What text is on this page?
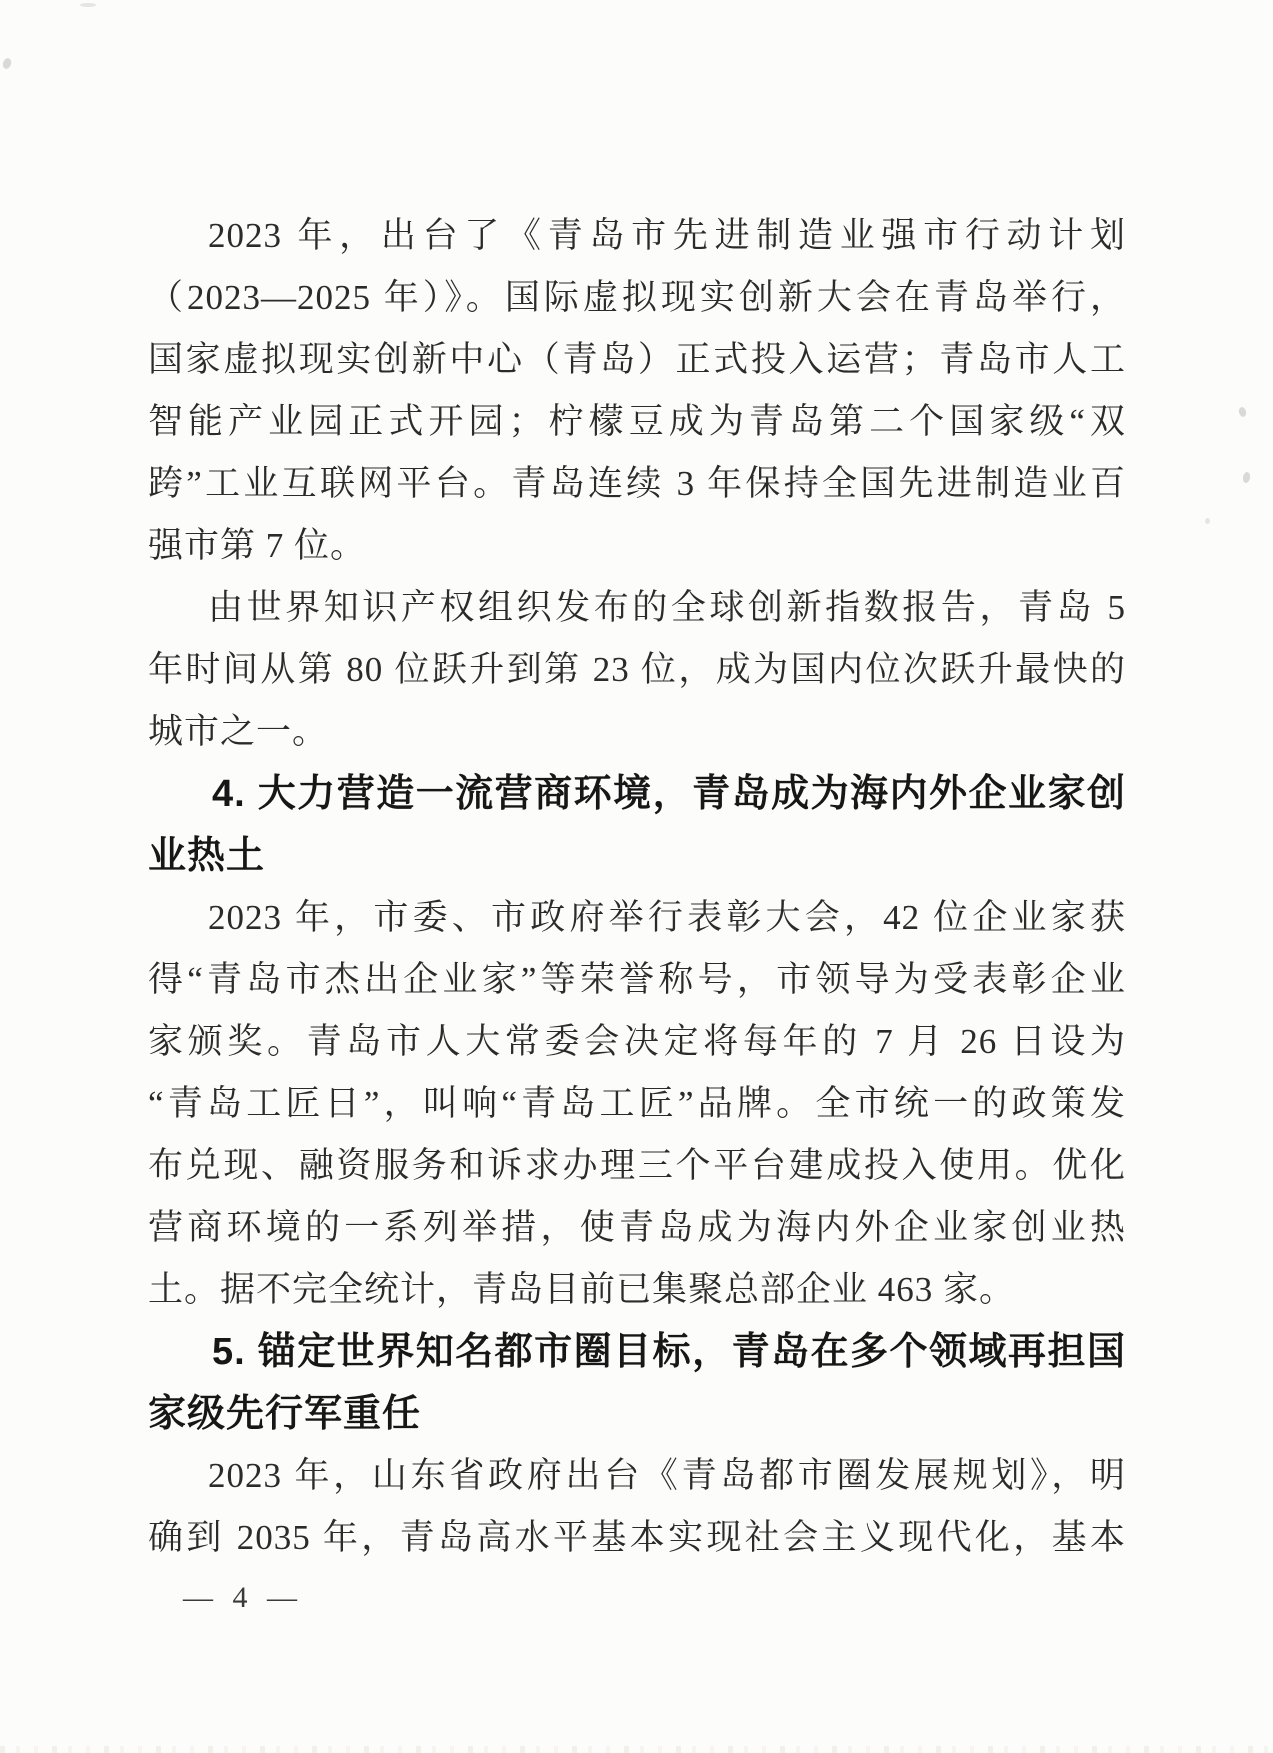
2023 年，出台了《青岛市先进制造业强市行动计划
（2023—2025 年）》。国际虚拟现实创新大会在青岛举行，
国家虚拟现实创新中心（青岛）正式投入运营；青岛市人工
智能产业园正式开园；柠檬豆成为青岛第二个国家级“双
跨”工业互联网平台。青岛连续 3 年保持全国先进制造业百
强市第 7 位。
由世界知识产权组织发布的全球创新指数报告，青岛 5
年时间从第 80 位跃升到第 23 位，成为国内位次跃升最快的
城市之一。
4. 大力营造一流营商环境，青岛成为海内外企业家创
业热土
2023 年，市委、市政府举行表彰大会，42 位企业家获
得“青岛市杰出企业家”等荣誉称号，市领导为受表彰企业
家颁奖。青岛市人大常委会决定将每年的 7 月 26 日设为
“青岛工匠日”，叫响“青岛工匠”品牌。全市统一的政策发
布兑现、融资服务和诉求办理三个平台建成投入使用。优化
营商环境的一系列举措，使青岛成为海内外企业家创业热
土。据不完全统计，青岛目前已集聚总部企业 463 家。
5. 锚定世界知名都市圈目标，青岛在多个领域再担国
家级先行军重任
2023 年，山东省政府出台《青岛都市圈发展规划》，明
确到 2035 年，青岛高水平基本实现社会主义现代化，基本
— 4 —
